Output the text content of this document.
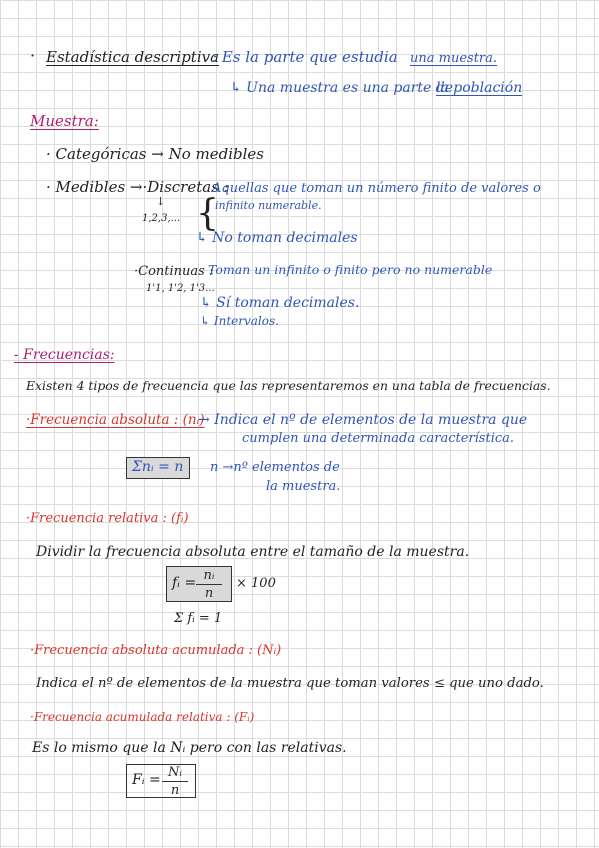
· Estadística descriptiva
: Es la parte que estudia una muestra.
↳ Una muestra es una parte de
la población
Muestra:
· Categóricas → No medibles
· Medibles →·Discretas :
Aquellas que toman un número finito de valores o
infinito numerable.
↓
1,2,3,... {
↳ No toman decimales
·Continuas :
Toman un infinito o finito pero no numerable
1'1, 1'2, 1'3...
↳ Sí toman decimales.
↳ Intervalos.
- Frecuencias:
Existen 4 tipos de frecuencia que las representaremos en una tabla de frecuencias.
·Frecuencia absoluta : (nᵢ)
→ Indica el nº de elementos de la muestra que
cumplen una determinada característica.
Σnᵢ = n n →nº elementos de
la muestra.
·Frecuencia relativa : (fᵢ)
Dividir la frecuencia absoluta entre el tamaño de la muestra.
fᵢ = nᵢ
n
× 100
Σ fᵢ = 1
·Frecuencia absoluta acumulada : (Nᵢ)
Indica el nº de elementos de la muestra que toman valores ≤ que uno dado.
·Frecuencia acumulada relativa : (Fᵢ)
Es lo mismo que la Nᵢ pero con las relativas.
Fᵢ = Nᵢ
n
